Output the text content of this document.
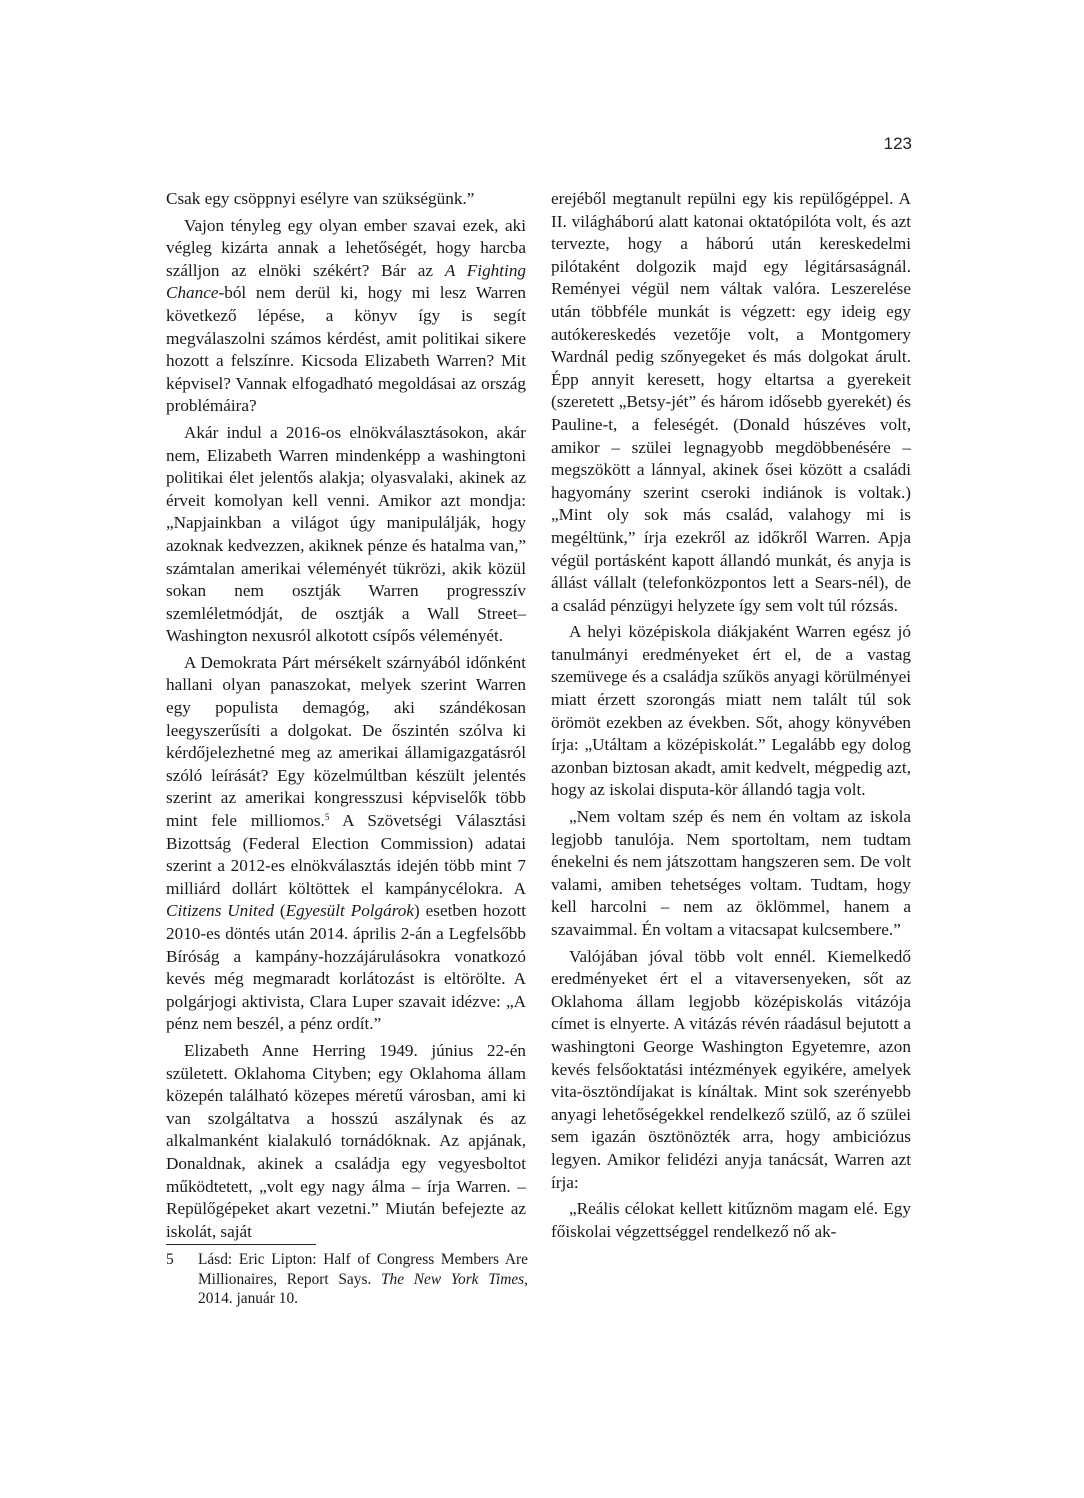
123

Csak egy csöppnyi esélyre van szükségünk.”

Vajon tényleg egy olyan ember szavai ezek, aki végleg kizárta annak a lehetőségét, hogy harcba szálljon az elnöki székért? Bár az A Fighting Chance-ból nem derül ki, hogy mi lesz Warren következő lépése, a könyv így is segít megválaszolni számos kérdést, amit politikai sikere hozott a felszínre. Kicsoda Elizabeth Warren? Mit képvisel? Vannak elfogadható megoldásai az ország problémáira?

Akár indul a 2016-os elnökválasztásokon, akár nem, Elizabeth Warren mindenképp a washingtoni politikai élet jelentős alakja; olyasvalaki, akinek az érveit komolyan kell venni. Amikor azt mondja: „Napjainkban a világot úgy manipulálják, hogy azoknak kedvezzen, akiknek pénze és hatalma van,” számtalan amerikai véleményét tükrözi, akik közül sokan nem osztják Warren progresszív szemléletmódját, de osztják a Wall Street–Washington nexusról alkotott csípős véleményét.

A Demokrata Párt mérsékelt szárnyából időnként hallani olyan panaszokat, melyek szerint Warren egy populista demagóg, aki szándékosan leegyszerűsíti a dolgokat. De őszintén szólva ki kérdőjelezhetné meg az amerikai államigazgatásról szóló leírását? Egy közelmúltban készült jelentés szerint az amerikai kongresszusi képviselők több mint fele milliomos.$^5$ A Szövetségi Választási Bizottság (Federal Election Commission) adatai szerint a 2012-es elnökválasztás idején több mint 7 milliárd dollárt költöttek el kampánycélokra. A Citizens United (Egyesült Polgárok) esetben hozott 2010-es döntés után 2014. április 2-án a Legfelsőbb Bíróság a kampány-hozzájárulásokra vonatkozó kevés még megmaradt korlátozást is eltörölte. A polgárjogi aktivista, Clara Luper szavait idézve: „A pénz nem beszél, a pénz ordít.”

Elizabeth Anne Herring 1949. június 22-én született. Oklahoma Cityben; egy Oklahoma állam közepén található közepes méretű városban, ami ki van szolgáltatva a hosszú aszálynak és az alkalmanként kialakuló tornádóknak. Az apjának, Donaldnak, akinek a családja egy vegyesboltot működtetett, „volt egy nagy álma – írja Warren. – Repülőgépeket akart vezetni.” Miután befejezte az iskolát, saját

5	Lásd: Eric Lipton: Half of Congress Members Are Millionaires, Report Says. The New York Times, 2014. január 10.

erejéből megtanult repülni egy kis repülőgéppel. A II. világháború alatt katonai oktatópilóta volt, és azt tervezte, hogy a háború után kereskedelmi pilótaként dolgozik majd egy légitársaságnál. Reményei végül nem váltak valóra. Leszerelése után többféle munkát is végzett: egy ideig egy autókereskedés vezetője volt, a Montgomery Wardnál pedig szőnyegeket és más dolgokat árult. Épp annyit keresett, hogy eltartsa a gyerekeit (szeretett „Betsy-jét” és három idősebb gyerekét) és Pauline-t, a feleségét. (Donald húszéves volt, amikor – szülei legnagyobb megdöbbenésére – megszökött a lánnyal, akinek ősei között a családi hagyomány szerint cseroki indiánok is voltak.) „Mint oly sok más család, valahogy mi is megéltünk,” írja ezekről az időkről Warren. Apja végül portásként kapott állandó munkát, és anyja is állást vállalt (telefonközpontos lett a Sears-nél), de a család pénzügyi helyzete így sem volt túl rózsás.

A helyi középiskola diákjaként Warren egész jó tanulmányi eredményeket ért el, de a vastag szemüvege és a családja szűkös anyagi körülményei miatt érzett szorongás miatt nem talált túl sok örömöt ezekben az években. Sőt, ahogy könyvében írja: „Utáltam a középiskolát.” Legalább egy dolog azonban biztosan akadt, amit kedvelt, mégpedig azt, hogy az iskolai disputa-kör állandó tagja volt.

„Nem voltam szép és nem én voltam az iskola legjobb tanulója. Nem sportoltam, nem tudtam énekelni és nem játszottam hangszeren sem. De volt valami, amiben tehetséges voltam. Tudtam, hogy kell harcolni – nem az öklömmel, hanem a szavaimmal. Én voltam a vitacsapat kulcsembere.”

Valójában jóval több volt ennél. Kiemelkedő eredményeket ért el a vitaversenyeken, sőt az Oklahoma állam legjobb középiskolás vitázója címet is elnyerte. A vitázás révén ráadásul bejutott a washingtoni George Washington Egyetemre, azon kevés felsőoktatási intézmények egyikére, amelyek vita-ösztöndíjakat is kínáltak. Mint sok szerényebb anyagi lehetőségekkel rendelkező szülő, az ő szülei sem igazán ösztönözték arra, hogy ambiciózus legyen. Amikor felidézi anyja tanácsát, Warren azt írja:

„Reális célokat kellett kitűznöm magam elé. Egy főiskolai végzettséggel rendelkező nő ak-
